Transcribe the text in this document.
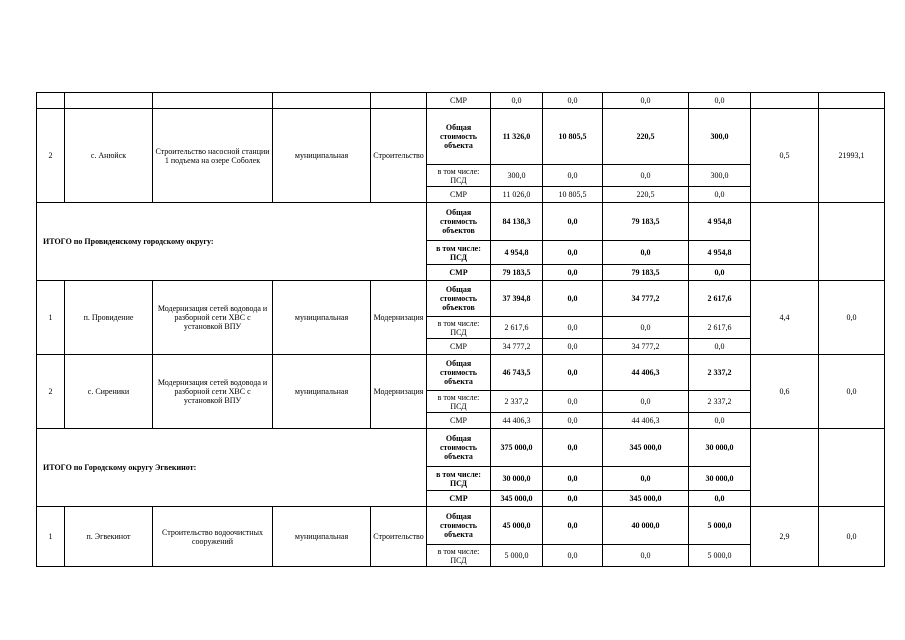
					СМР	0,0	0,0	0,0	0,0		
2	с. Анюйск	Строительство насосной станции 1 подъема на озере Соболек	муниципальная	Строительство	Общая стоимость объекта	11 326,0	10 805,5	220,5	300,0	0,5	21993,1
					в том числе: ПСД	300,0	0,0	0,0	300,0		
					СМР	11 026,0	10 805,5	220,5	0,0		
ИТОГО по Провиденскому городскому округу:					Общая стоимость объектов	84 138,3	0,0	79 183,5	4 954,8		
					в том числе: ПСД	4 954,8	0,0	0,0	4 954,8		
					СМР	79 183,5	0,0	79 183,5	0,0		
1	п. Провидение	Модернизация сетей водовода и разборной сети ХВС с установкой ВПУ	муниципальная	Модернизация	Общая стоимость объектов	37 394,8	0,0	34 777,2	2 617,6	4,4	0,0
					в том числе: ПСД	2 617,6	0,0	0,0	2 617,6		
					СМР	34 777,2	0,0	34 777,2	0,0		
2	с. Сиреники	Модернизация сетей водовода и разборной сети ХВС с установкой ВПУ	муниципальная	Модернизация	Общая стоимость объекта	46 743,5	0,0	44 406,3	2 337,2	0,6	0,0
					в том числе: ПСД	2 337,2	0,0	0,0	2 337,2		
					СМР	44 406,3	0,0	44 406,3	0,0		
ИТОГО по Городскому округу Эгвекинот:					Общая стоимость объекта	375 000,0	0,0	345 000,0	30 000,0		
					в том числе: ПСД	30 000,0	0,0	0,0	30 000,0		
					СМР	345 000,0	0,0	345 000,0	0,0		
1	п. Эгвекинот	Строительство водоочистных сооружений	муниципальная	Строительство	Общая стоимость объекта	45 000,0	0,0	40 000,0	5 000,0	2,9	0,0
					в том числе: ПСД	5 000,0	0,0	0,0	5 000,0		
